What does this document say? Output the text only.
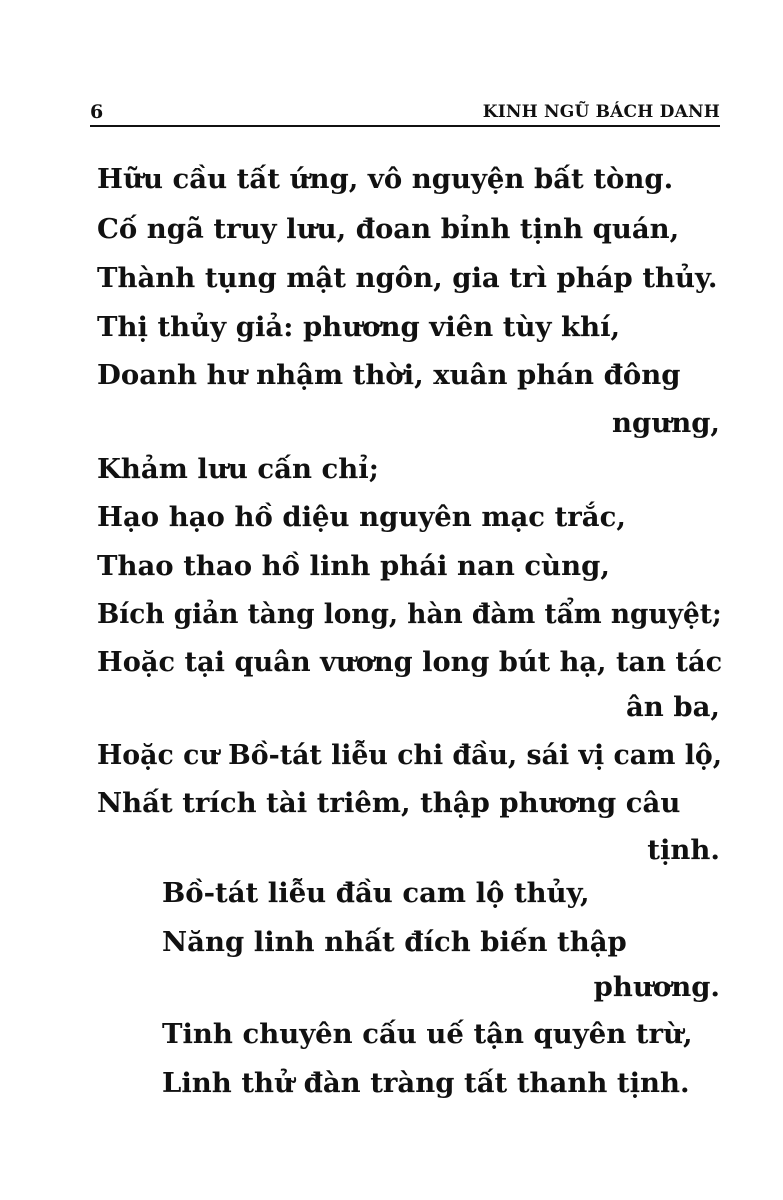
6	KINH NGŨ BÁCH DANH
Hữu cầu tất ứng, vô nguyện bất tòng.
Cố ngã truy lưu, đoan bỉnh tịnh quán,
Thành tụng mật ngôn, gia trì pháp thủy.
Thị thủy giả: phương viên tùy khí,
Doanh hư nhậm thời, xuân phán đông
ngưng,
Khảm lưu cấn chỉ;
Hạo hạo hồ diệu nguyên mạc trắc,
Thao thao hồ linh phái nan cùng,
Bích giản tàng long, hàn đàm tẩm nguyệt;
Hoặc tại quân vương long bút hạ, tan tác
ân ba,
Hoặc cư Bồ-tát liễu chi đầu, sái vị cam lộ,
Nhất trích tài triêm, thập phương câu
tịnh.
Bồ-tát liễu đầu cam lộ thủy,
Năng linh nhất đích biến thập
phương.
Tinh chuyên cấu uế tận quyên trừ,
Linh thử đàn tràng tất thanh tịnh.
